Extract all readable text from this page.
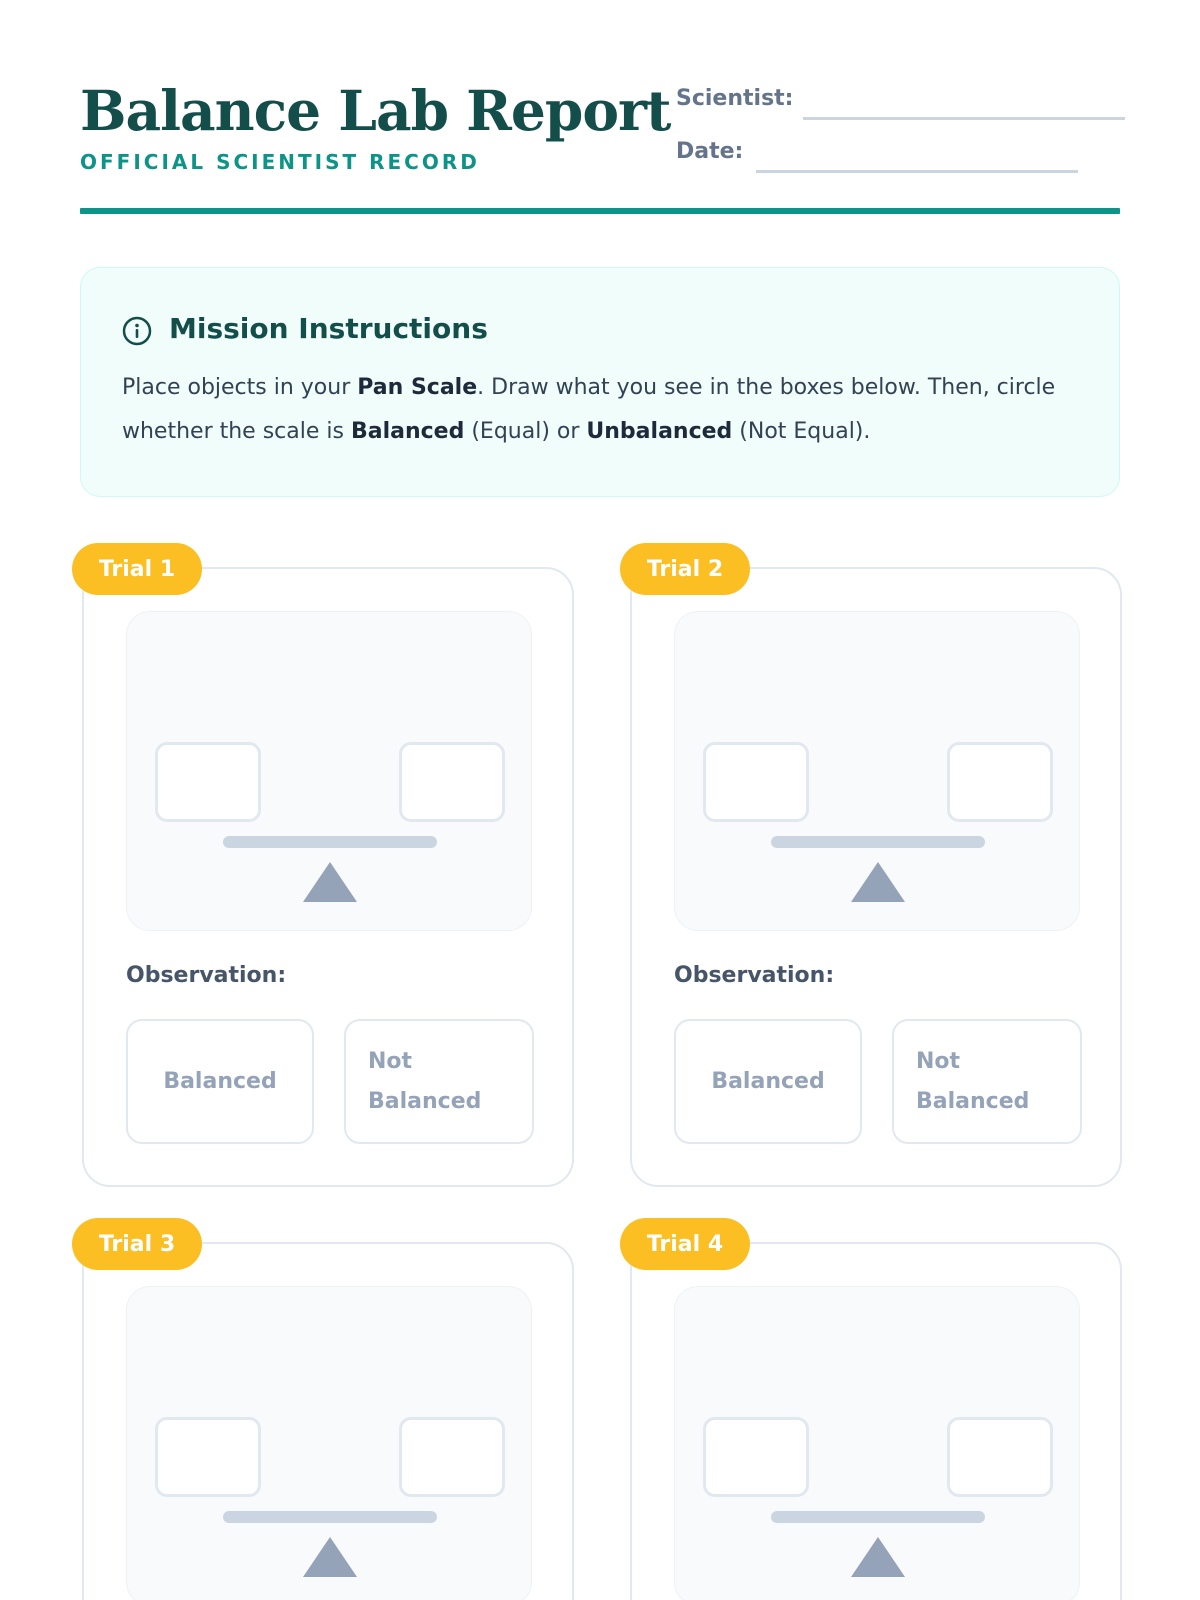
Balance Lab Report
OFFICIAL SCIENTIST RECORD
Scientist:
Date:
Mission Instructions
Place objects in your Pan Scale. Draw what you see in the boxes below. Then, circle whether the scale is Balanced (Equal) or Unbalanced (Not Equal).
Trial 1
Observation:
Balanced
Not Balanced
Trial 2
Observation:
Balanced
Not Balanced
Trial 3	Trial 4
